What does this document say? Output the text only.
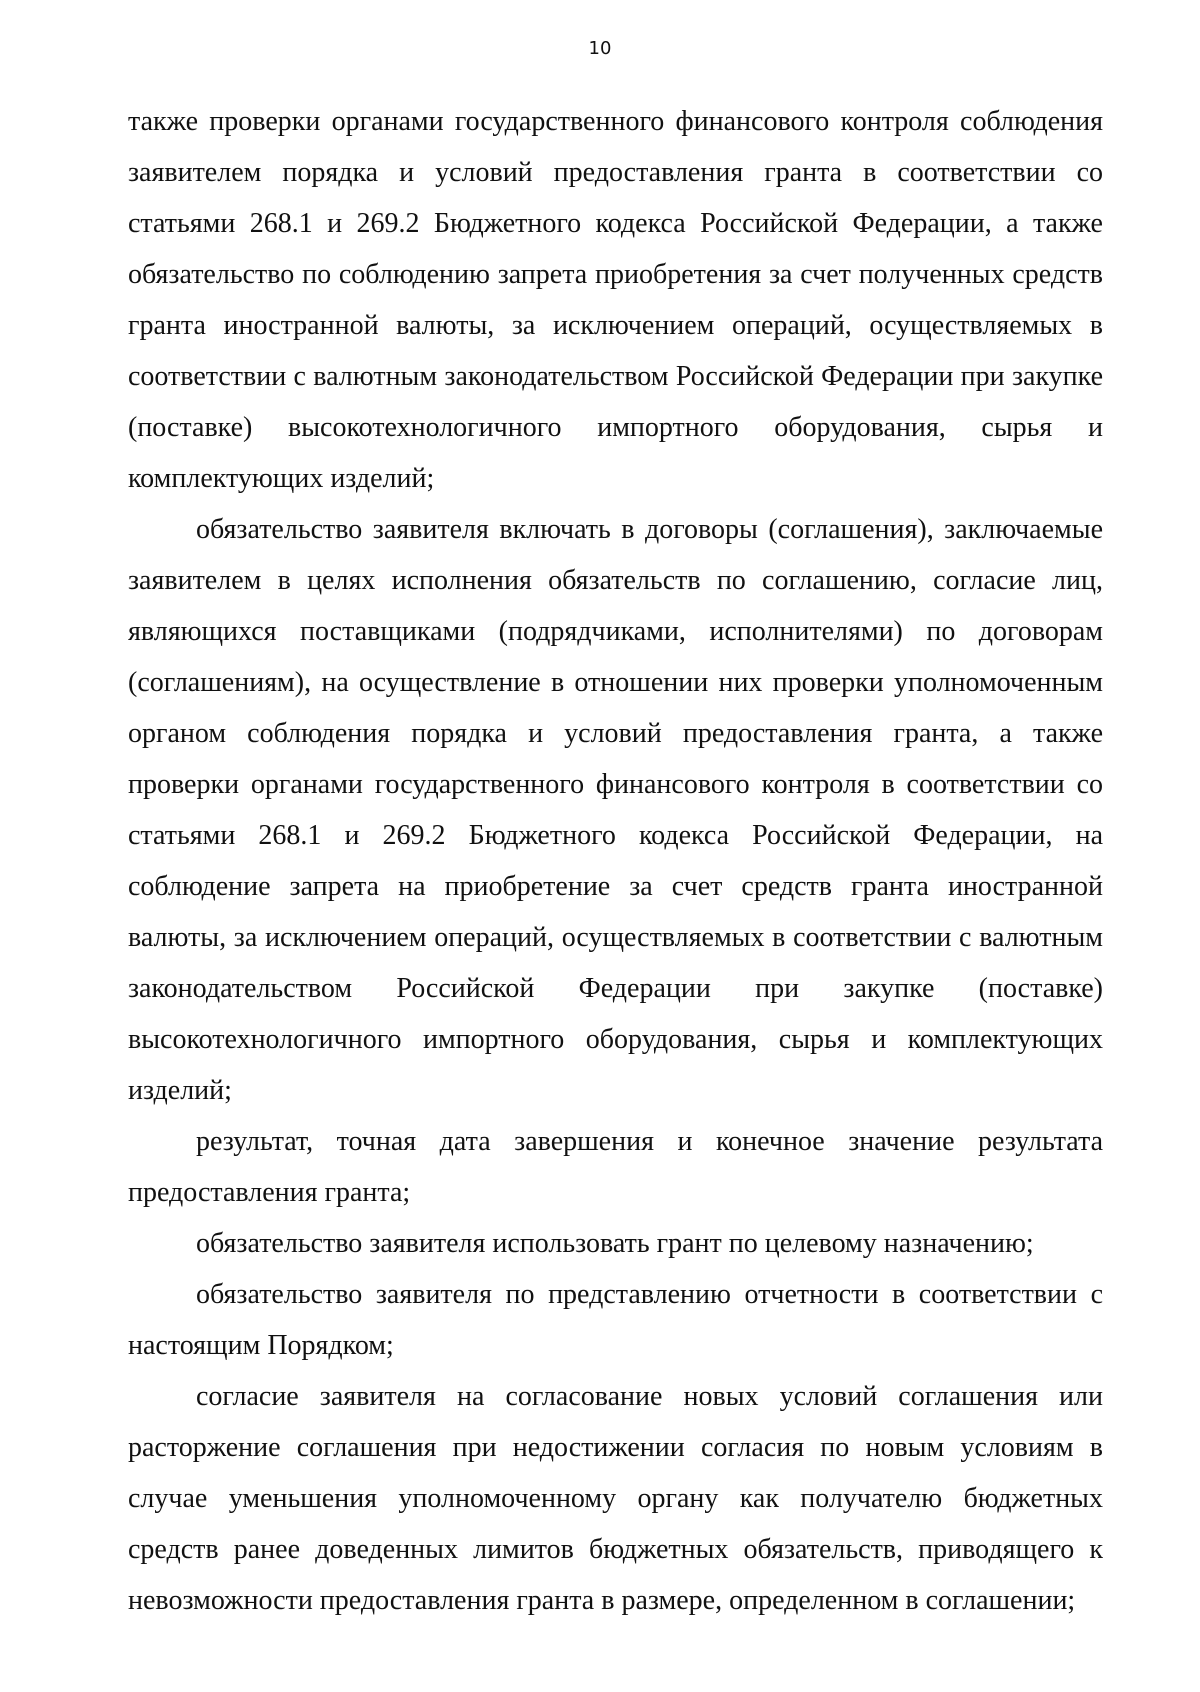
10

также проверки органами государственного финансового контроля соблюдения заявителем порядка и условий предоставления гранта в соответствии со статьями 268.1 и 269.2 Бюджетного кодекса Российской Федерации, а также обязательство по соблюдению запрета приобретения за счет полученных средств гранта иностранной валюты, за исключением операций, осуществляемых в соответствии с валютным законодательством Российской Федерации при закупке (поставке) высокотехнологичного импортного оборудования, сырья и комплектующих изделий;

обязательство заявителя включать в договоры (соглашения), заключаемые заявителем в целях исполнения обязательств по соглашению, согласие лиц, являющихся поставщиками (подрядчиками, исполнителями) по договорам (соглашениям), на осуществление в отношении них проверки уполномоченным органом соблюдения порядка и условий предоставления гранта, а также проверки органами государственного финансового контроля в соответствии со статьями 268.1 и 269.2 Бюджетного кодекса Российской Федерации, на соблюдение запрета на приобретение за счет средств гранта иностранной валюты, за исключением операций, осуществляемых в соответствии с валютным законодательством Российской Федерации при закупке (поставке) высокотехнологичного импортного оборудования, сырья и комплектующих изделий;

результат, точная дата завершения и конечное значение результата предоставления гранта;

обязательство заявителя использовать грант по целевому назначению;

обязательство заявителя по представлению отчетности в соответствии с настоящим Порядком;

согласие заявителя на согласование новых условий соглашения или расторжение соглашения при недостижении согласия по новым условиям в случае уменьшения уполномоченному органу как получателю бюджетных средств ранее доведенных лимитов бюджетных обязательств, приводящего к невозможности предоставления гранта в размере, определенном в соглашении;
